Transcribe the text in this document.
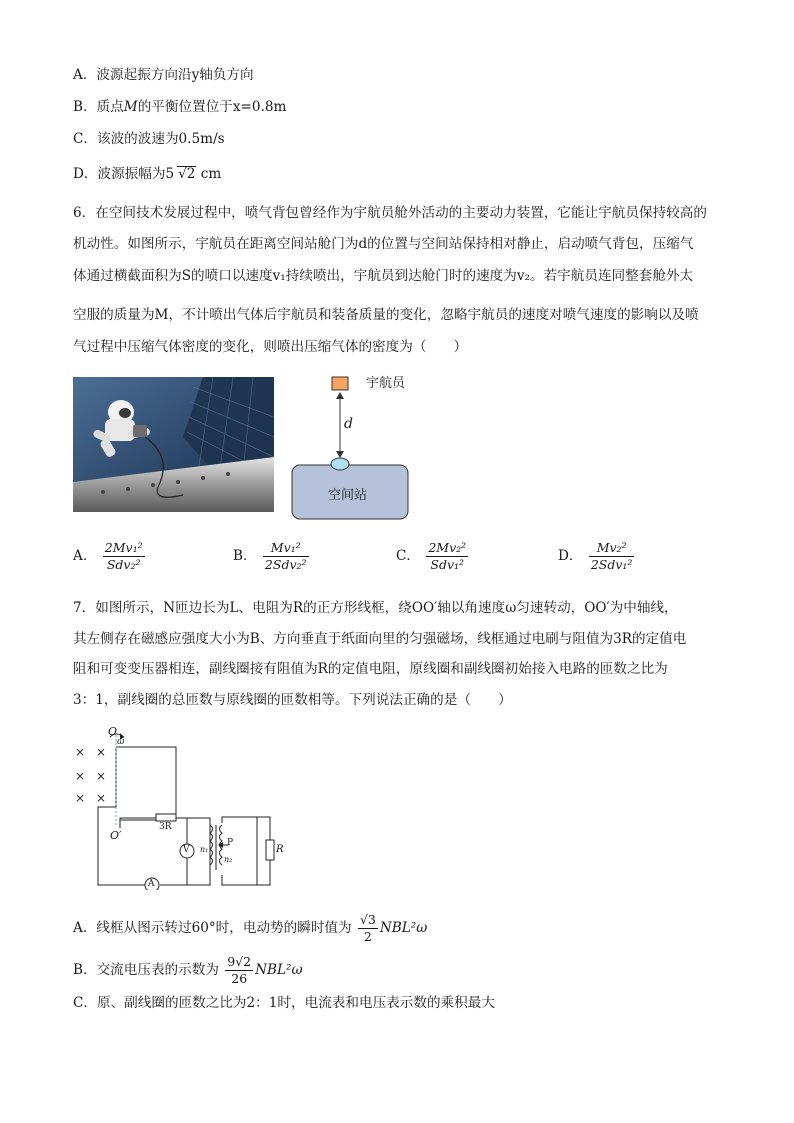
A．波源起振方向沿y轴负方向
B．质点M的平衡位置位于x=0.8m
C．该波的波速为0.5m/s
D．波源振幅为5 √2 cm
6．在空间技术发展过程中，喷气背包曾经作为宇航员舱外活动的主要动力装置，它能让宇航员保持较高的
机动性。如图所示，宇航员在距离空间站舱门为d的位置与空间站保持相对静止，启动喷气背包，压缩气
体通过横截面积为S的喷口以速度v₁持续喷出，宇航员到达舱门时的速度为v₂。若宇航员连同整套舱外太
空服的质量为M，不计喷出气体后宇航员和装备质量的变化，忽略宇航员的速度对喷气速度的影响以及喷
气过程中压缩气体密度的变化，则喷出压缩气体的密度为（　　）
宇航员
d
空间站
A． $\frac{\text{2Mv₁²}}{\text{Sdv₂²}}$	B． $\frac{\text{Mv₁²}}{\text{2Sdv₂²}}$	C． $\frac{\text{2Mv₂²}}{\text{Sdv₁²}}$	D． $\frac{\text{Mv₂²}}{\text{2Sdv₁²}}$
7．如图所示，N匝边长为L、电阻为R的正方形线框，绕OO′轴以角速度ω匀速转动，OO′为中轴线，
其左侧存在磁感应强度大小为B、方向垂直于纸面向里的匀强磁场，线框通过电刷与阻值为3R的定值电
阻和可变变压器相连，副线圈接有阻值为R的定值电阻，原线圈和副线圈初始接入电路的匝数之比为
3：1，副线圈的总匝数与原线圈的匝数相等。下列说法正确的是（　　）
× ×
× ×
× ×
O
ω
O′
3R
V
A
n₁
n₂
P
R
A．线框从图示转过60°时，电动势的瞬时值为 $\frac{√3}{2} NBL^2\omega$
B．交流电压表的示数为 $\frac{9√2}{26} NBL^2\omega$
C．原、副线圈的匝数之比为2：1时，电流表和电压表示数的乘积最大
